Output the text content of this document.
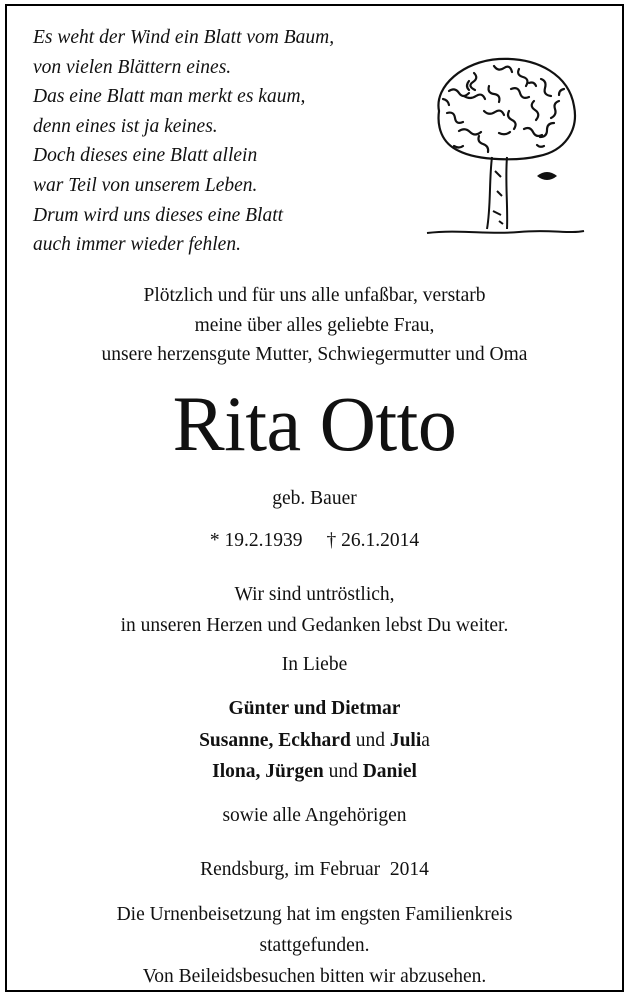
Es weht der Wind ein Blatt vom Baum,
von vielen Blättern eines.
Das eine Blatt man merkt es kaum,
denn eines ist ja keines.
Doch dieses eine Blatt allein
war Teil von unserem Leben.
Drum wird uns dieses eine Blatt
auch immer wieder fehlen.
Plötzlich und für uns alle unfaßbar, verstarb
meine über alles geliebte Frau,
unsere herzensgute Mutter, Schwiegermutter und Oma
Rita Otto
geb. Bauer
* 19.2.1939 † 26.1.2014
Wir sind untröstlich,
in unseren Herzen und Gedanken lebst Du weiter.
In Liebe
Günter und Dietmar
Susanne, Eckhard und Julia
Ilona, Jürgen und Daniel
sowie alle Angehörigen
Rendsburg, im Februar  2014
Die Urnenbeisetzung hat im engsten Familienkreis
stattgefunden.
Von Beileidsbesuchen bitten wir abzusehen.
